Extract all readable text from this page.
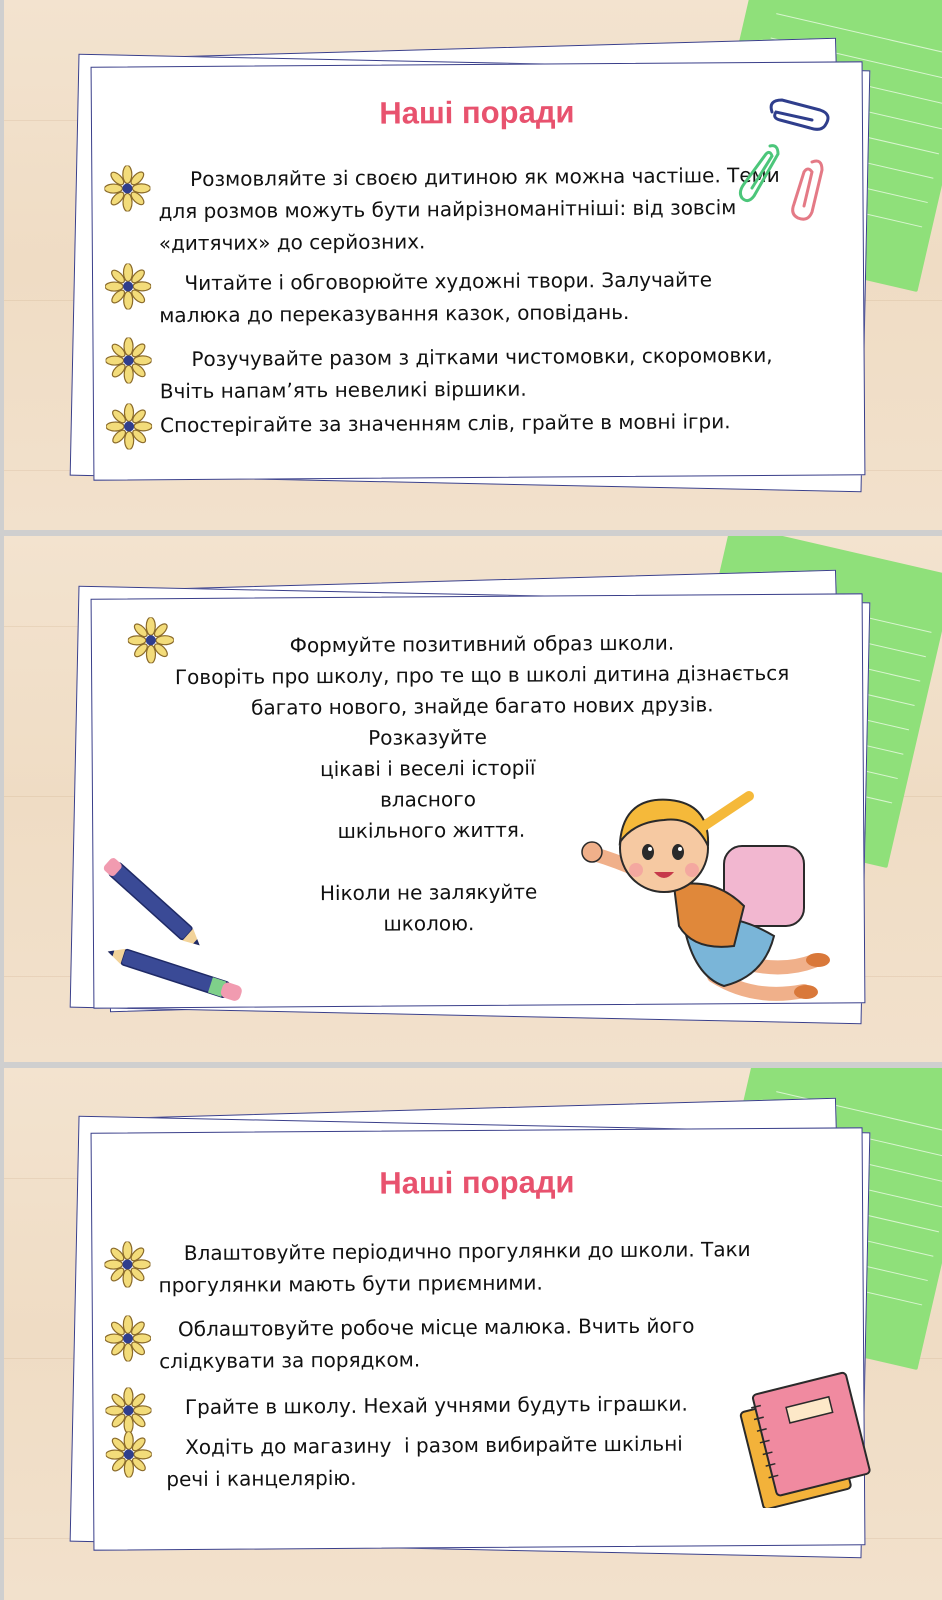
Наші поради
Розмовляйте зі своєю дитиною як можна частіше. Теми
для розмов можуть бути найрізноманітніші: від зовсім
«дитячих» до серйозних.
Читайте і обговорюйте художні твори. Залучайте
малюка до переказування казок, оповідань.
Розучувайте разом з дітками чистомовки, скоромовки,
Вчіть напам’ять невеликі віршики.
Спостерігайте за значенням слів, грайте в мовні ігри.
Формуйте позитивний образ школи.
Говоріть про школу, про те що в школі дитина дізнається
багато нового, знайде багато нових друзів.
Розказуйте
цікаві і веселі історії
власного
шкільного життя.
Ніколи не залякуйте
школою.
Наші поради
Влаштовуйте періодично прогулянки до школи. Таки
прогулянки мають бути приємними.
Облаштовуйте робоче місце малюка. Вчить його
слідкувати за порядком.
Грайте в школу. Нехай учнями будуть іграшки.
Ходіть до магазину  і разом вибирайте шкільні
речі і канцелярію.
